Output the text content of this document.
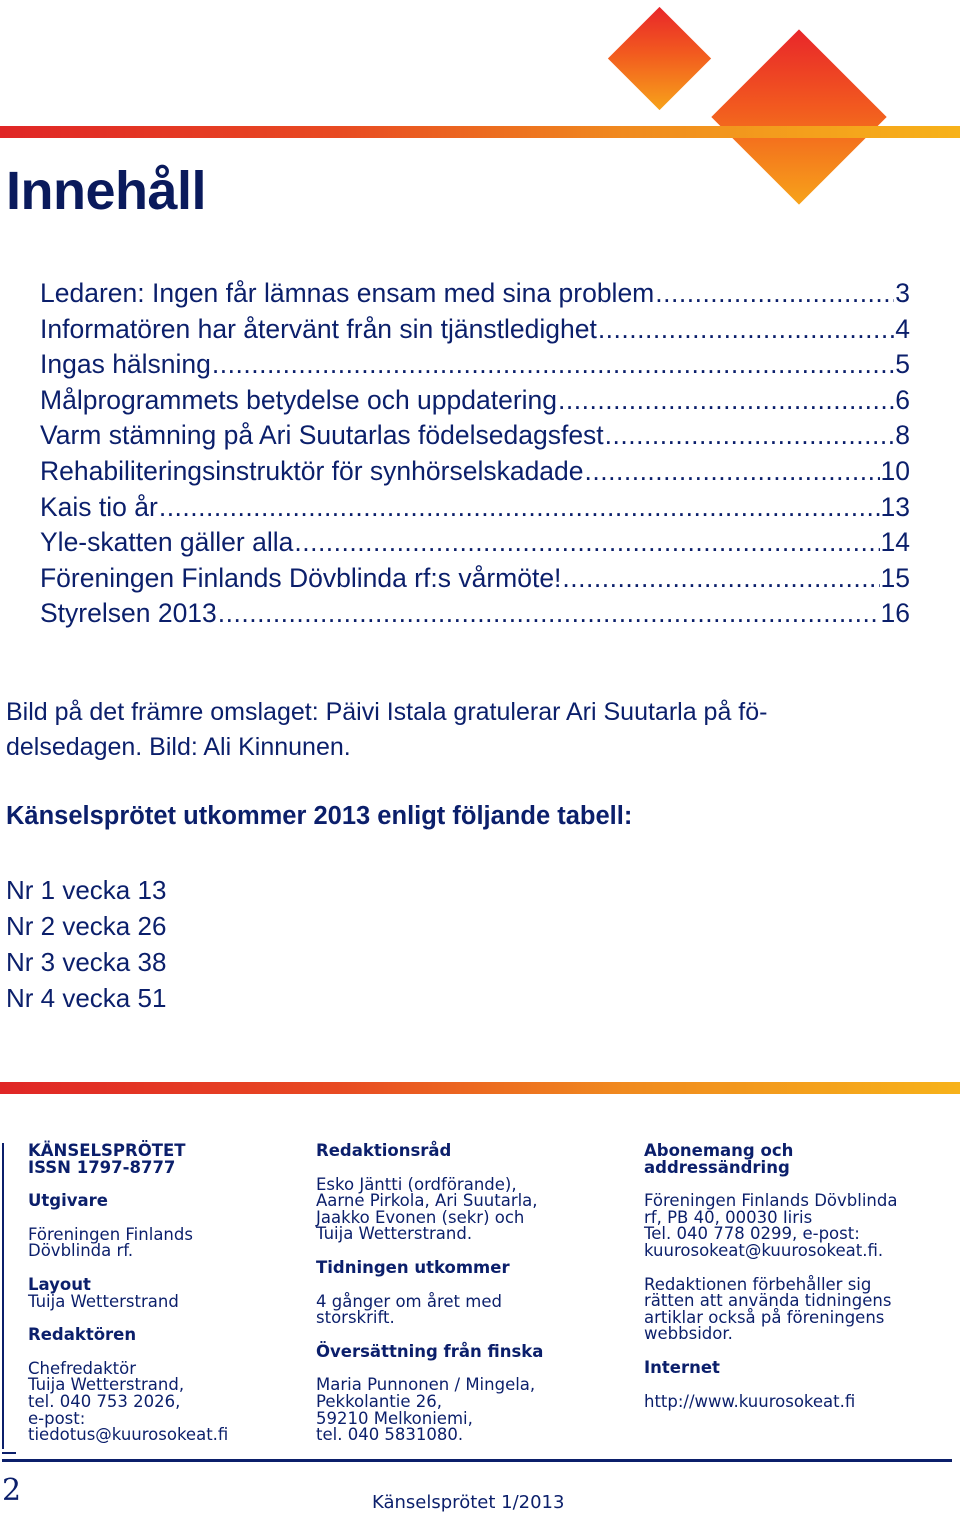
Innehåll
Ledaren: Ingen får lämnas ensam med sina problem .....	3
Informatören har återvänt från sin tjänstledighet .....	4
Ingas hälsning .....	5
Målprogrammets betydelse och uppdatering .....	6
Varm stämning på Ari Suutarlas födelsedagsfest .....	8
Rehabiliteringsinstruktör för synhörselskadade .....	10
Kais tio år .....	13
Yle-skatten gäller alla .....	14
Föreningen Finlands Dövblinda rf:s vårmöte! .....	15
Styrelsen 2013 .....	16

Bild på det främre omslaget: Päivi Istala gratulerar Ari Suutarla på fö-
delsedagen. Bild: Ali Kinnunen.

Känselsprötet utkommer 2013 enligt följande tabell:
Nr 1 vecka 13
Nr 2 vecka 26
Nr 3 vecka 38
Nr 4 vecka 51
KÄNSELSPRÖTET
ISSN 1797-8777
Utgivare
Föreningen Finlands
Dövblinda rf.
Layout
Tuija Wetterstrand
Redaktören
Chefredaktör
Tuija Wetterstrand,
tel. 040 753 2026,
e-post:
tiedotus@kuurosokeat.fi
Redaktionsråd
Esko Jäntti (ordförande),
Aarne Pirkola, Ari Suutarla,
Jaakko Evonen (sekr) och
Tuija Wetterstrand.
Tidningen utkommer
4 gånger om året med
storskrift.
Översättning från finska
Maria Punnonen / Mingela,
Pekkolantie 26,
59210 Melkoniemi,
tel. 040 5831080.
Abonemang och
addressändring
Föreningen Finlands Dövblinda
rf, PB 40, 00030 Iiris
Tel. 040 778 0299, e-post:
kuurosokeat@kuurosokeat.fi.
Redaktionen förbehåller sig
rätten att använda tidningens
artiklar också på föreningens
webbsidor.
Internet
http://www.kuurosokeat.fi
2	Känselsprötet 1/2013
